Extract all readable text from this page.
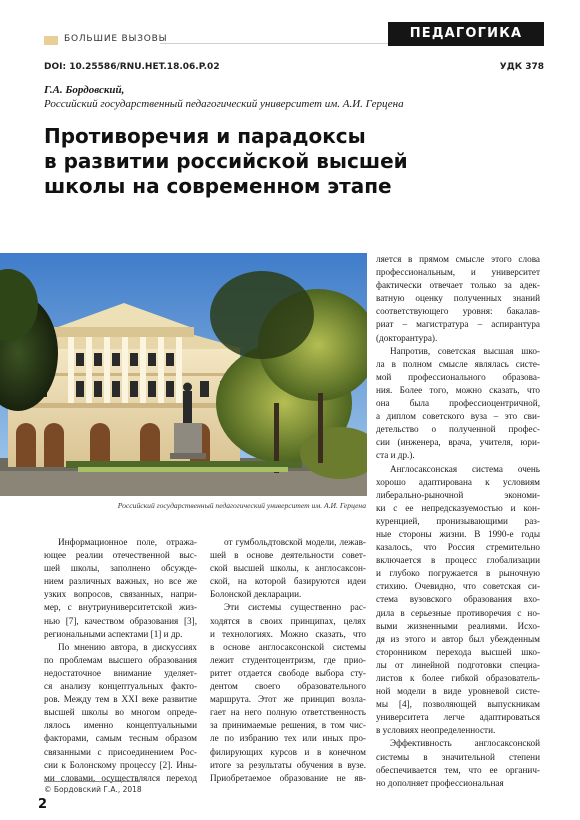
БОЛЬШИЕ ВЫЗОВЫ	ПЕДАГОГИКА
DOI: 10.25586/RNU.HET.18.06.P.02	УДК 378
Г.А. Бордовский,
Российский государственный педагогический университет им. А.И. Герцена
Противоречия и парадоксы
в развитии российской высшей
школы на современном этапе
Российский государственный педагогический университет им. А.И. Герцена

Информационное поле, отража-
ющее реалии отечественной выс-
шей школы, заполнено обсужде-
нием различных важных, но все же
узких вопросов, связанных, напри-
мер, с внутриуниверситетской жиз-
нью [7], качеством образования [3],
региональными аспектами [1] и др.

По мнению автора, в дискуссиях
по проблемам высшего образования
недостаточное внимание уделяет-
ся анализу концептуальных факто-
ров. Между тем в XXI веке развитие
высшей школы во многом опреде-
лялось именно концептуальными
факторами, самым тесным образом
связанными с присоединением Рос-
сии к Болонскому процессу [2]. Ины-
ми словами, осуществлялся переход

от гумбольдтовской модели, лежав-
шей в основе деятельности совет-
ской высшей школы, к англосаксон-
ской, на которой базируются идеи
Болонской декларации.

Эти системы существенно рас-
ходятся в своих принципах, целях
и технологиях. Можно сказать, что
в основе англосаксонской системы
лежит студентоцентризм, где прио-
ритет отдается свободе выбора сту-
дентом своего образовательного
маршрута. Этот же принцип возла-
гает на него полную ответственность
за принимаемые решения, в том чис-
ле по избранию тех или иных про-
филирующих курсов и в конечном
итоге за результаты обучения в вузе.
Приобретаемое образование не яв-

ляется в прямом смысле этого слова
профессиональным, и университет
фактически отвечает только за адек-
ватную оценку полученных знаний
соответствующего уровня: бакалав-
риат – магистратура – аспирантура
(докторантура).

Напротив, советская высшая шко-
ла в полном смысле являлась систе-
мой профессионального образова-
ния. Более того, можно сказать, что
она была профессиоцентричной,
а диплом советского вуза – это сви-
детельство о полученной профес-
сии (инженера, врача, учителя, юри-
ста и др.).

Англосаксонская система очень
хорошо адаптирована к условиям
либерально-рыночной экономи-
ки с ее непредсказуемостью и кон-
куренцией, пронизывающими раз-
ные стороны жизни. В 1990-е годы
казалось, что Россия стремительно
включается в процесс глобализации
и глубоко погружается в рыночную
стихию. Очевидно, что советская си-
стема вузовского образования вхо-
дила в серьезные противоречия с но-
выми жизненными реалиями. Исхо-
дя из этого и автор был убежденным
сторонником перехода высшей шко-
лы от линейной подготовки специа-
листов к более гибкой образователь-
ной модели в виде уровневой систе-
мы [4], позволяющей выпускникам
университета легче адаптироваться
в условиях неопределенности.

Эффективность англосаксонской
системы в значительной степени
обеспечивается тем, что ее органич-
но дополняет профессиональная

© Бордовский Г.А., 2018
2
